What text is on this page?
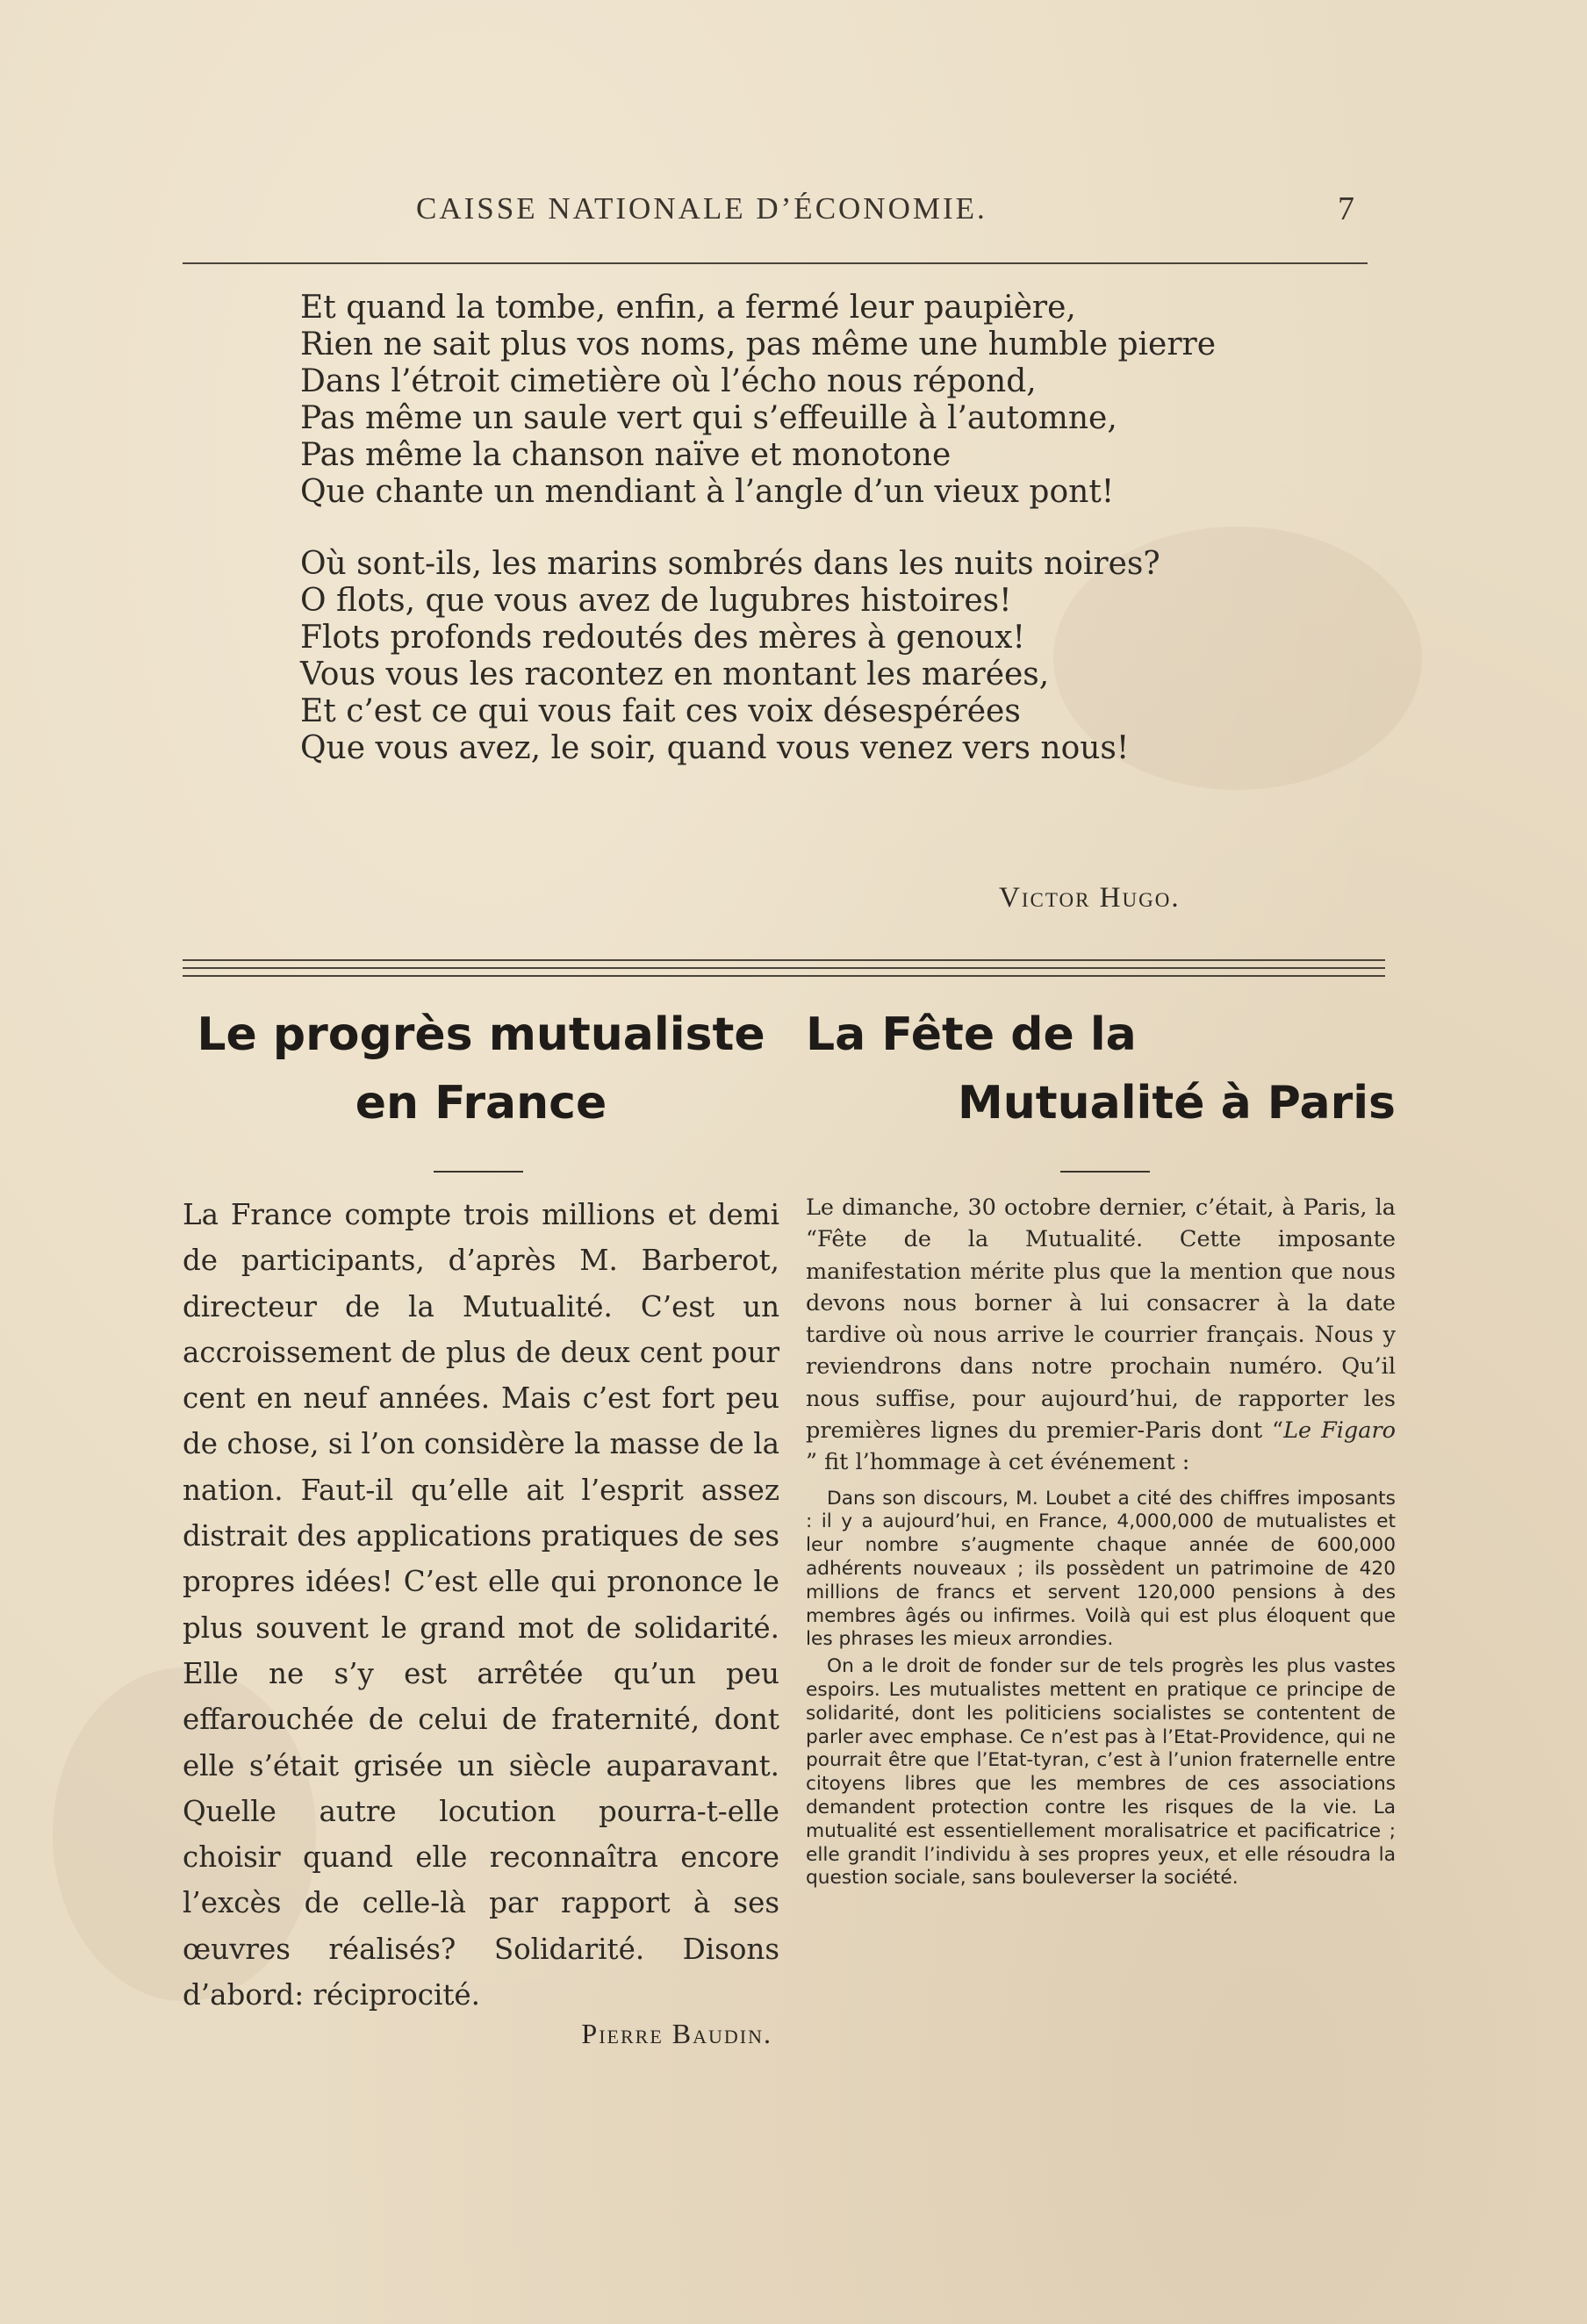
CAISSE NATIONALE D’ÉCONOMIE.	7
Et quand la tombe, enfin, a fermé leur paupière,
Rien ne sait plus vos noms, pas même une humble pierre
Dans l’étroit cimetière où l’écho nous répond,
Pas même un saule vert qui s’effeuille à l’automne,
Pas même la chanson naïve et monotone
Que chante un mendiant à l’angle d’un vieux pont!
Où sont-ils, les marins sombrés dans les nuits noires?
O flots, que vous avez de lugubres histoires!
Flots profonds redoutés des mères à genoux!
Vous vous les racontez en montant les marées,
Et c’est ce qui vous fait ces voix désespérées
Que vous avez, le soir, quand vous venez vers nous!
Victor Hugo.
Le progrès mutualiste
en France
La France compte trois millions et demi de participants, d’après M. Barberot, directeur de la Mutualité. C’est un accroissement de plus de deux cent pour cent en neuf années. Mais c’est fort peu de chose, si l’on considère la masse de la nation. Faut-il qu’elle ait l’esprit assez distrait des applications pratiques de ses propres idées! C’est elle qui prononce le plus souvent le grand mot de solidarité. Elle ne s’y est arrêtée qu’un peu effarouchée de celui de fraternité, dont elle s’était grisée un siècle auparavant. Quelle autre locution pourra-t-elle choisir quand elle reconnaîtra encore l’excès de celle-là par rapport à ses œuvres réalisés? Solidarité. Disons d’abord: réciprocité.
Pierre Baudin.
La Fête de la
Mutualité à Paris
Le dimanche, 30 octobre dernier, c’était, à Paris, la “Fête de la Mutualité. Cette imposante manifestation mérite plus que la mention que nous devons nous borner à lui consacrer à la date tardive où nous arrive le courrier français. Nous y reviendrons dans notre prochain numéro. Qu’il nous suffise, pour aujourd’hui, de rapporter les premières lignes du premier-Paris dont “Le Figaro ” fit l’hommage à cet événement :

Dans son discours, M. Loubet a cité des chiffres imposants : il y a aujourd’hui, en France, 4,000,000 de mutualistes et leur nombre s’augmente chaque année de 600,000 adhérents nouveaux ; ils possèdent un patrimoine de 420 millions de francs et servent 120,000 pensions à des membres âgés ou infirmes. Voilà qui est plus éloquent que les phrases les mieux arrondies.

On a le droit de fonder sur de tels progrès les plus vastes espoirs. Les mutualistes mettent en pratique ce principe de solidarité, dont les politiciens socialistes se contentent de parler avec emphase. Ce n’est pas à l’Etat-Providence, qui ne pourrait être que l’Etat-tyran, c’est à l’union fraternelle entre citoyens libres que les membres de ces associations demandent protection contre les risques de la vie. La mutualité est essentiellement moralisatrice et pacificatrice ; elle grandit l’individu à ses propres yeux, et elle résoudra la question sociale, sans bouleverser la société.
